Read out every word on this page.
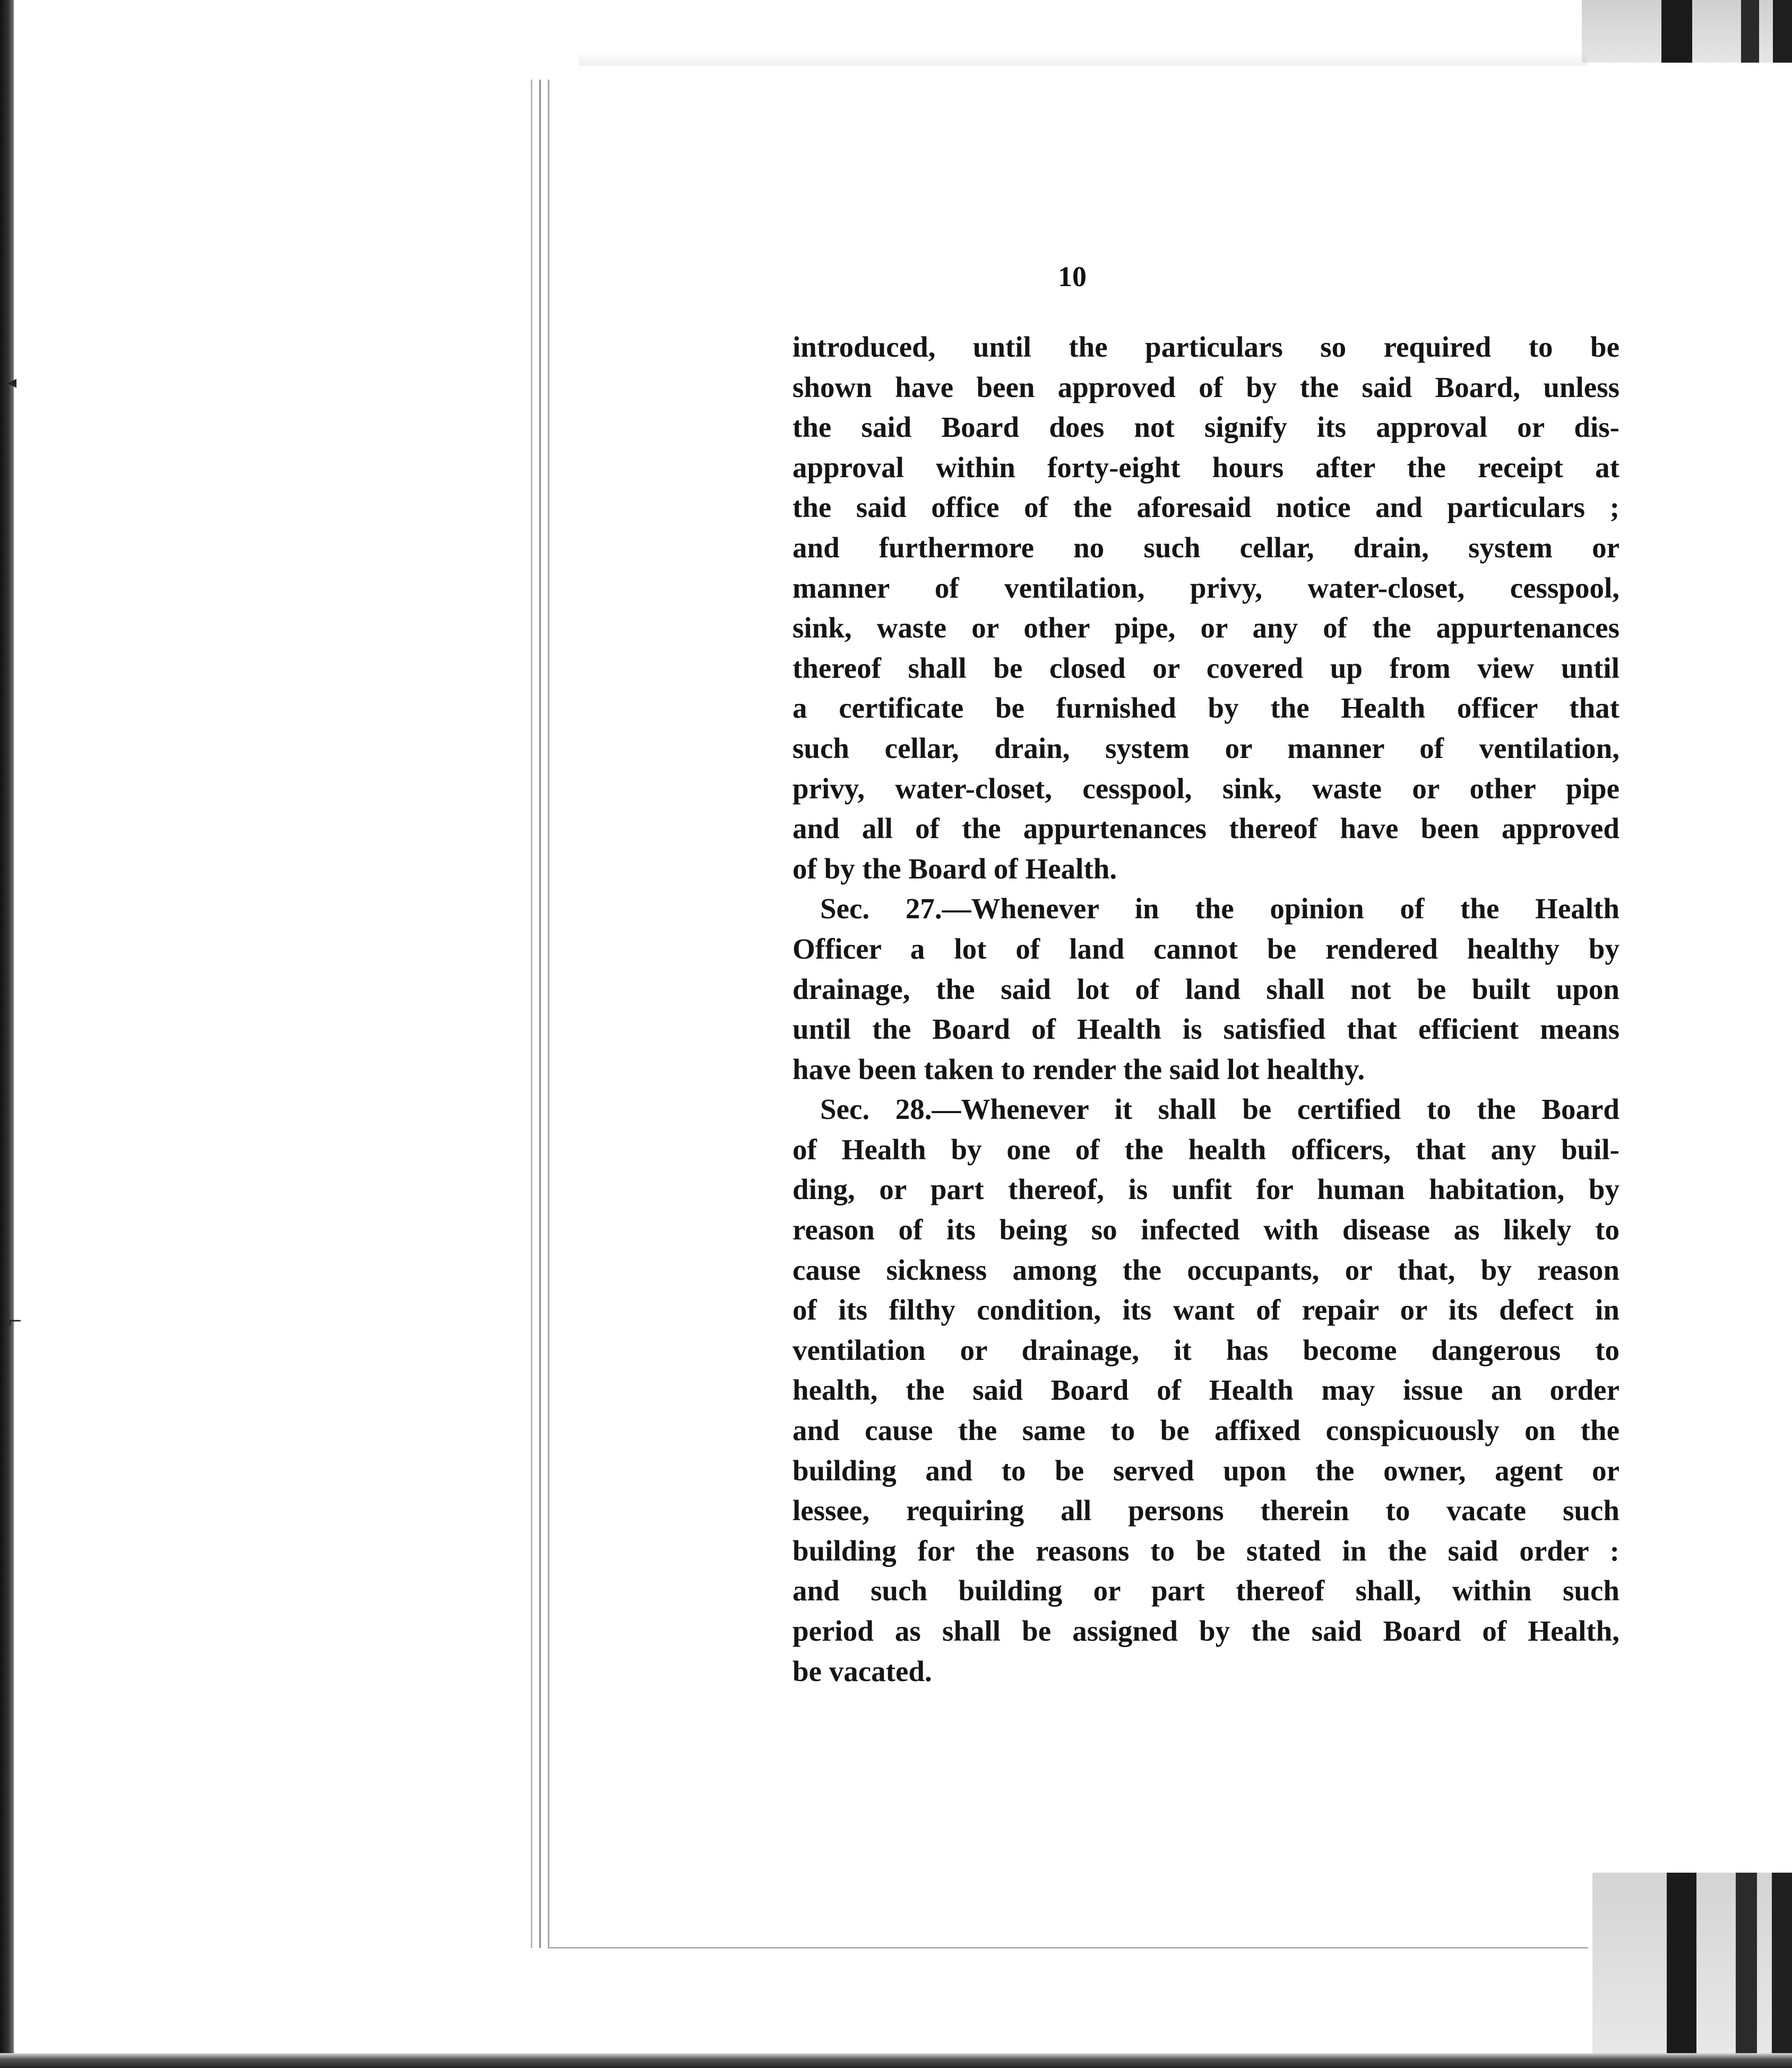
◂
⌐
10
introduced, until the particulars so required to be
shown have been approved of by the said Board, unless
the said Board does not signify its approval or dis-
approval within forty-eight hours after the receipt at
the said office of the aforesaid notice and particulars ;
and furthermore no such cellar, drain, system or
manner of ventilation, privy, water-closet, cesspool,
sink, waste or other pipe, or any of the appurtenances
thereof shall be closed or covered up from view until
a certificate be furnished by the Health officer that
such cellar, drain, system or manner of ventilation,
privy, water-closet, cesspool, sink, waste or other pipe
and all of the appurtenances thereof have been approved
of by the Board of Health.
Sec. 27.—Whenever in the opinion of the Health
Officer a lot of land cannot be rendered healthy by
drainage, the said lot of land shall not be built upon
until the Board of Health is satisfied that efficient means
have been taken to render the said lot healthy.
Sec. 28.—Whenever it shall be certified to the Board
of Health by one of the health officers, that any buil-
ding, or part thereof, is unfit for human habitation, by
reason of its being so infected with disease as likely to
cause sickness among the occupants, or that, by reason
of its filthy condition, its want of repair or its defect in
ventilation or drainage, it has become dangerous to
health, the said Board of Health may issue an order
and cause the same to be affixed conspicuously on the
building and to be served upon the owner, agent or
lessee, requiring all persons therein to vacate such
building for the reasons to be stated in the said order :
and such building or part thereof shall, within such
period as shall be assigned by the said Board of Health,
be vacated.
